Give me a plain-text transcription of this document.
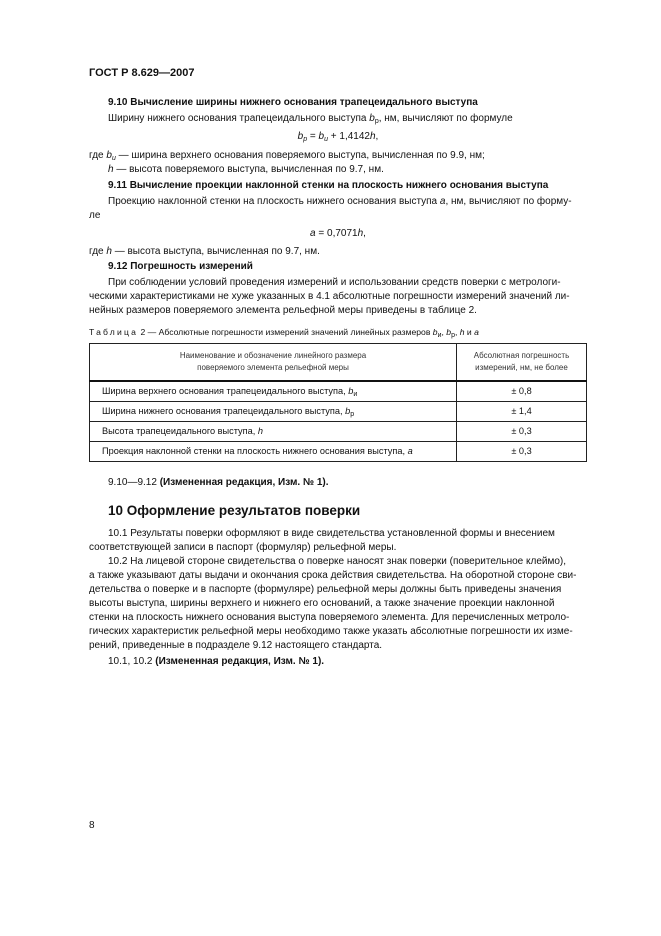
ГОСТ Р 8.629—2007
9.10 Вычисление ширины нижнего основания трапецеидального выступа
Ширину нижнего основания трапецеидального выступа $b_р$, нм, вычисляют по формуле
$b_р = b_и + 1,4142h$,
где $b_и$ — ширина верхнего основания поверяемого выступа, вычисленная по 9.9, нм;
h — высота поверяемого выступа, вычисленная по 9.7, нм.
9.11 Вычисление проекции наклонной стенки на плоскость нижнего основания выступа
Проекцию наклонной стенки на плоскость нижнего основания выступа a, нм, вычисляют по форму-
ле
a = 0,7071h,
где h — высота выступа, вычисленная по 9.7, нм.
9.12 Погрешность измерений
При соблюдении условий проведения измерений и использовании средств поверки с метрологи-
ческими характеристиками не хуже указанных в 4.1 абсолютные погрешности измерений значений ли-
нейных размеров поверяемого элемента рельефной меры приведены в таблице 2.
Таблица 2 — Абсолютные погрешности измерений значений линейных размеров $b_и$, $b_р$, h и a
Наименование и обозначение линейного размера
поверяемого элемента рельефной меры	Абсолютная погрешность
измерений, нм, не более
Ширина верхнего основания трапецеидального выступа, $b_и$	± 0,8
Ширина нижнего основания трапецеидального выступа, $b_р$	± 1,4
Высота трапецеидального выступа, h	± 0,3
Проекция наклонной стенки на плоскость нижнего основания выступа, a	± 0,3
9.10—9.12 (Измененная редакция, Изм. № 1).
10 Оформление результатов поверки
10.1 Результаты поверки оформляют в виде свидетельства установленной формы и внесением
соответствующей записи в паспорт (формуляр) рельефной меры.
10.2 На лицевой стороне свидетельства о поверке наносят знак поверки (поверительное клеймо),
а также указывают даты выдачи и окончания срока действия свидетельства. На оборотной стороне сви-
детельства о поверке и в паспорте (формуляре) рельефной меры должны быть приведены значения
высоты выступа, ширины верхнего и нижнего его оснований, а также значение проекции наклонной
стенки на плоскость нижнего основания выступа поверяемого элемента. Для перечисленных метроло-
гических характеристик рельефной меры необходимо также указать абсолютные погрешности их изме-
рений, приведенные в подразделе 9.12 настоящего стандарта.
10.1, 10.2 (Измененная редакция, Изм. № 1).
8
